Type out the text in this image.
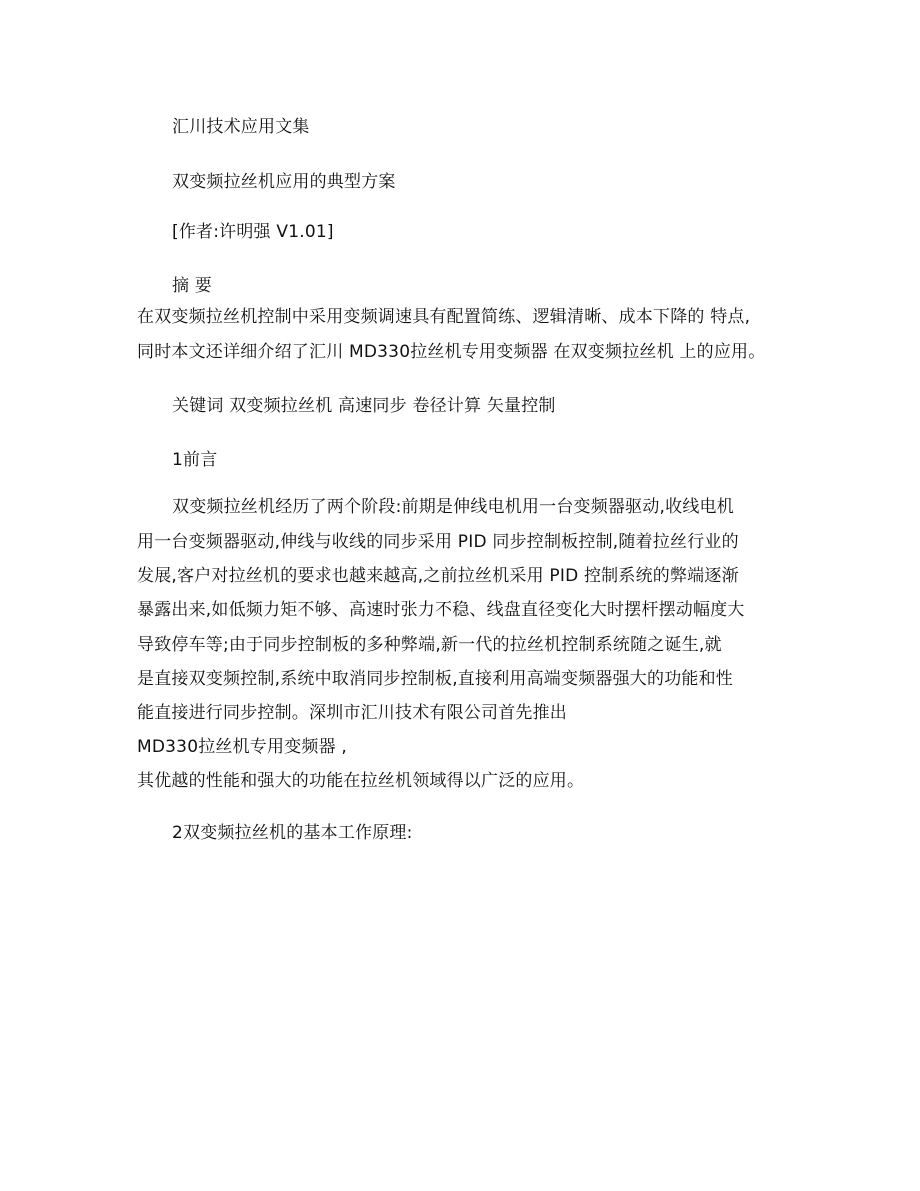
汇川技术应用文集
双变频拉丝机应用的典型方案
[作者:许明强 V1.01]
摘 要
在双变频拉丝机控制中采用变频调速具有配置简练、逻辑清晰、成本下降的 特点,
同时本文还详细介绍了汇川 MD330拉丝机专用变频器 在双变频拉丝机 上的应用。
关键词 双变频拉丝机 高速同步 卷径计算 矢量控制
1前言
双变频拉丝机经历了两个阶段:前期是伸线电机用一台变频器驱动,收线电机
用一台变频器驱动,伸线与收线的同步采用 PID 同步控制板控制,随着拉丝行业的
发展,客户对拉丝机的要求也越来越高,之前拉丝机采用 PID 控制系统的弊端逐渐
暴露出来,如低频力矩不够、高速时张力不稳、线盘直径变化大时摆杆摆动幅度大
导致停车等;由于同步控制板的多种弊端,新一代的拉丝机控制系统随之诞生,就
是直接双变频控制,系统中取消同步控制板,直接利用高端变频器强大的功能和性
能直接进行同步控制。深圳市汇川技术有限公司首先推出
MD330拉丝机专用变频器 ,
其优越的性能和强大的功能在拉丝机领域得以广泛的应用。
2双变频拉丝机的基本工作原理:
